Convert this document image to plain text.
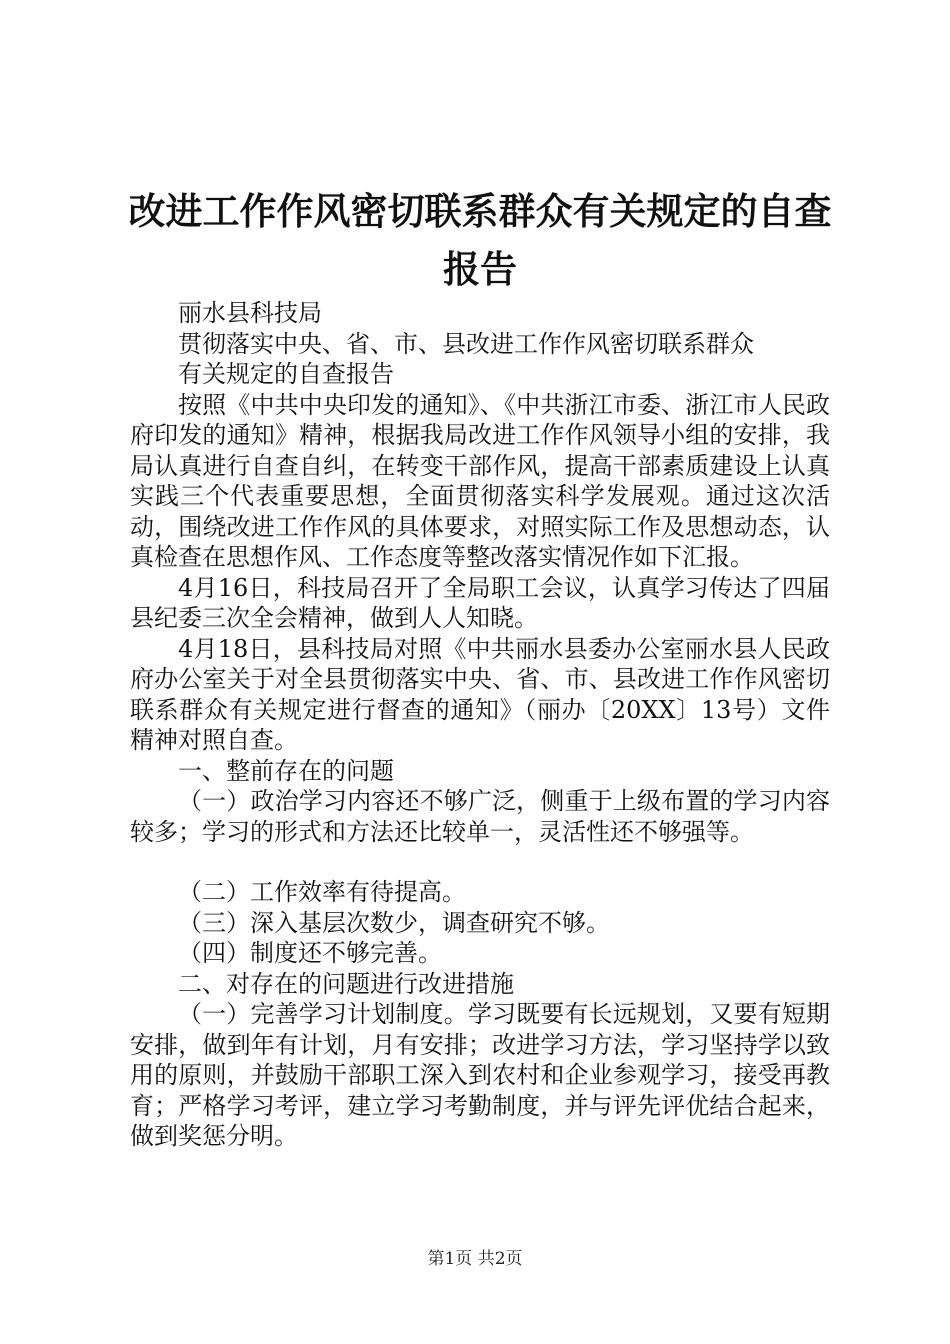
改进工作作风密切联系群众有关规定的自查报告

丽水县科技局

贯彻落实中央、省、市、县改进工作作风密切联系群众

有关规定的自查报告

按照《中共中央印发的通知》、《中共浙江市委、浙江市人民政府印发的通知》精神，根据我局改进工作作风领导小组的安排，我局认真进行自查自纠，在转变干部作风，提高干部素质建设上认真实践三个代表重要思想，全面贯彻落实科学发展观。通过这次活动，围绕改进工作作风的具体要求，对照实际工作及思想动态，认真检查在思想作风、工作态度等整改落实情况作如下汇报。

4月16日，科技局召开了全局职工会议，认真学习传达了四届县纪委三次全会精神，做到人人知晓。

4月18日，县科技局对照《中共丽水县委办公室丽水县人民政府办公室关于对全县贯彻落实中央、省、市、县改进工作作风密切联系群众有关规定进行督查的通知》（丽办〔20XX〕13号）文件精神对照自查。

一、整前存在的问题

（一）政治学习内容还不够广泛，侧重于上级布置的学习内容较多；学习的形式和方法还比较单一，灵活性还不够强等。

（二）工作效率有待提高。

（三）深入基层次数少，调查研究不够。

（四）制度还不够完善。

二、对存在的问题进行改进措施

（一）完善学习计划制度。学习既要有长远规划，又要有短期安排，做到年有计划，月有安排；改进学习方法，学习坚持学以致用的原则，并鼓励干部职工深入到农村和企业参观学习，接受再教育；严格学习考评，建立学习考勤制度，并与评先评优结合起来，做到奖惩分明。

第1页 共2页
